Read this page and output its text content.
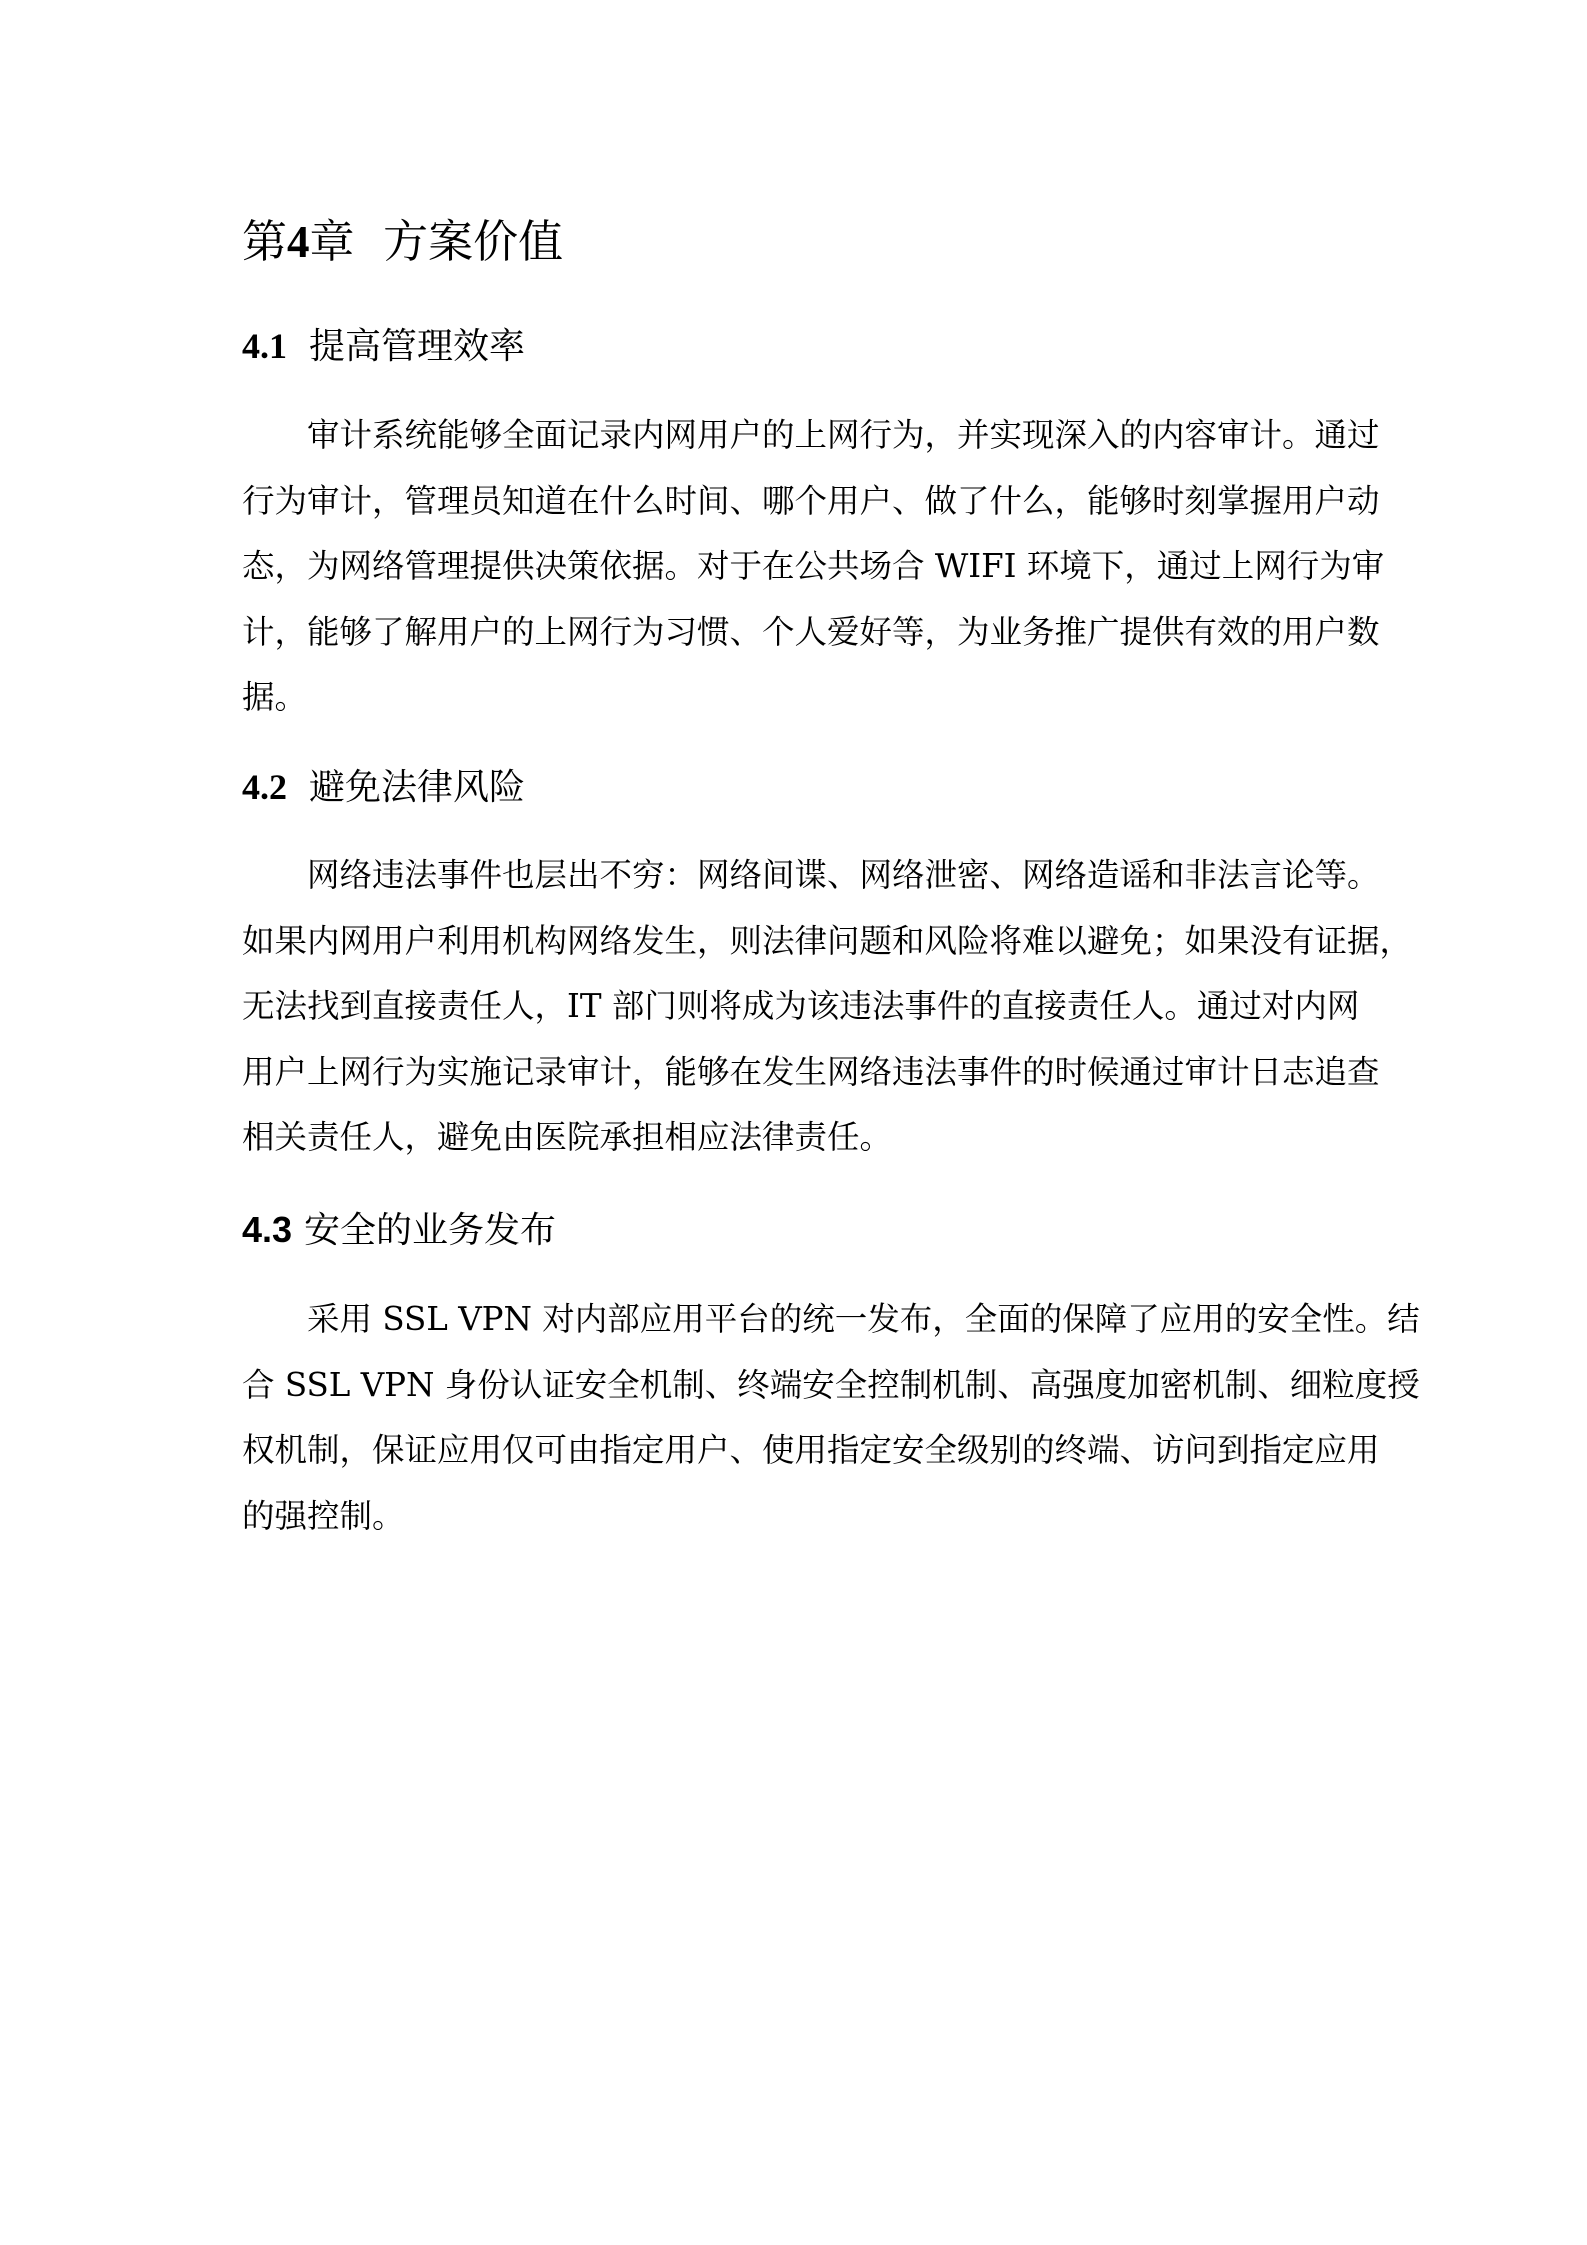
第4章 方案价值
4.1 提高管理效率
审计系统能够全面记录内网用户的上网行为，并实现深入的内容审计。通过
行为审计，管理员知道在什么时间、哪个用户、做了什么，能够时刻掌握用户动
态，为网络管理提供决策依据。对于在公共场合 WIFI 环境下，通过上网行为审
计，能够了解用户的上网行为习惯、个人爱好等，为业务推广提供有效的用户数
据。
4.2 避免法律风险
网络违法事件也层出不穷：网络间谍、网络泄密、网络造谣和非法言论等。
如果内网用户利用机构网络发生，则法律问题和风险将难以避免；如果没有证据，
无法找到直接责任人，IT 部门则将成为该违法事件的直接责任人。通过对内网
用户上网行为实施记录审计，能够在发生网络违法事件的时候通过审计日志追查
相关责任人，避免由医院承担相应法律责任。
4.3 安全的业务发布
采用 SSL VPN 对内部应用平台的统一发布，全面的保障了应用的安全性。结
合 SSL VPN 身份认证安全机制、终端安全控制机制、高强度加密机制、细粒度授
权机制，保证应用仅可由指定用户、使用指定安全级别的终端、访问到指定应用
的强控制。
